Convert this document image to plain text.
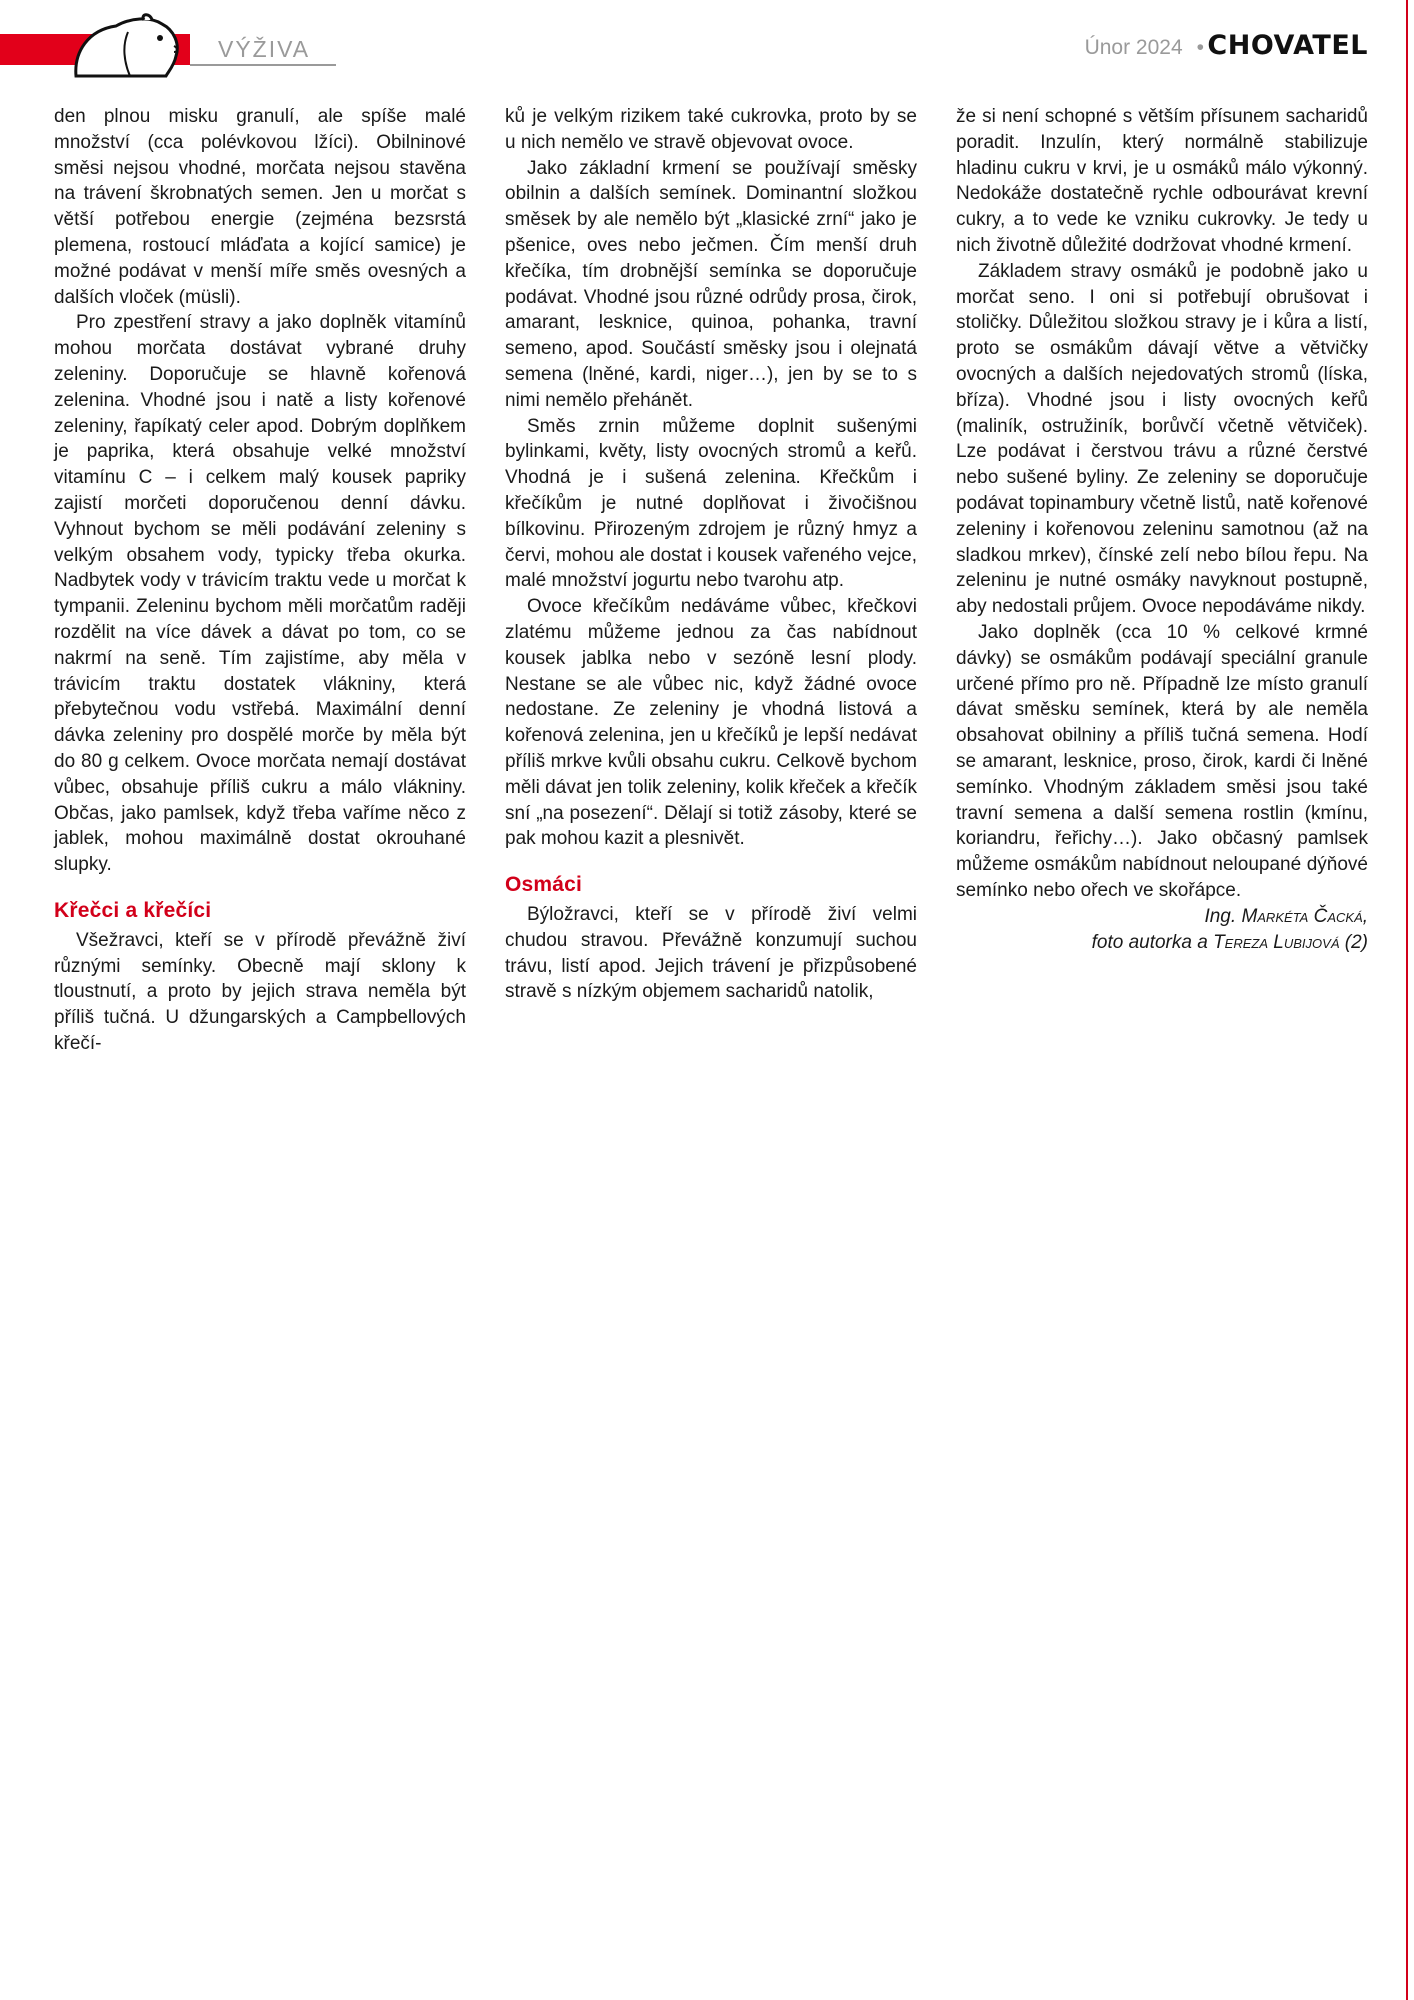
VÝŽIVA	Únor 2024 • CHOVATEL

den plnou misku granulí, ale spíše malé množství (cca polévkovou lžíci). Obilninové směsi nejsou vhodné, morčata nejsou stavěna na trávení škrobnatých semen. Jen u morčat s větší potřebou energie (zejména bezsrstá plemena, rostoucí mláďata a kojící samice) je možné podávat v menší míře směs ovesných a dalších vloček (müsli).

Pro zpestření stravy a jako doplněk vitamínů mohou morčata dostávat vybrané druhy zeleniny. Doporučuje se hlavně kořenová zelenina. Vhodné jsou i natě a listy kořenové zeleniny, řapíkatý celer apod. Dobrým doplňkem je paprika, která obsahuje velké množství vitamínu C – i celkem malý kousek papriky zajistí morčeti doporučenou denní dávku. Vyhnout bychom se měli podávání zeleniny s velkým obsahem vody, typicky třeba okurka. Nadbytek vody v trávicím traktu vede u morčat k tympanii. Zeleninu bychom měli morčatům raději rozdělit na více dávek a dávat po tom, co se nakrmí na seně. Tím zajistíme, aby měla v trávicím traktu dostatek vlákniny, která přebytečnou vodu vstřebá. Maximální denní dávka zeleniny pro dospělé morče by měla být do 80 g celkem. Ovoce morčata nemají dostávat vůbec, obsahuje příliš cukru a málo vlákniny. Občas, jako pamlsek, když třeba vaříme něco z jablek, mohou maximálně dostat okrouhané slupky.

Křečci a křečíci

Všežravci, kteří se v přírodě převážně živí různými semínky. Obecně mají sklony k tloustnutí, a proto by jejich strava neměla být příliš tučná. U džungarských a Campbellových křečí-

ků je velkým rizikem také cukrovka, proto by se u nich nemělo ve stravě objevovat ovoce.

Jako základní krmení se používají směsky obilnin a dalších semínek. Dominantní složkou směsek by ale nemělo být „klasické zrní“ jako je pšenice, oves nebo ječmen. Čím menší druh křečíka, tím drobnější semínka se doporučuje podávat. Vhodné jsou různé odrůdy prosa, čirok, amarant, lesknice, quinoa, pohanka, travní semeno, apod. Součástí směsky jsou i olejnatá semena (lněné, kardi, niger…), jen by se to s nimi nemělo přehánět.

Směs zrnin můžeme doplnit sušenými bylinkami, květy, listy ovocných stromů a keřů. Vhodná je i sušená zelenina. Křečkům i křečíkům je nutné doplňovat i živočišnou bílkovinu. Přirozeným zdrojem je různý hmyz a červi, mohou ale dostat i kousek vařeného vejce, malé množství jogurtu nebo tvarohu atp.

Ovoce křečíkům nedáváme vůbec, křečkovi zlatému můžeme jednou za čas nabídnout kousek jablka nebo v sezóně lesní plody. Nestane se ale vůbec nic, když žádné ovoce nedostane. Ze zeleniny je vhodná listová a kořenová zelenina, jen u křečíků je lepší nedávat příliš mrkve kvůli obsahu cukru. Celkově bychom měli dávat jen tolik zeleniny, kolik křeček a křečík sní „na posezení“. Dělají si totiž zásoby, které se pak mohou kazit a plesnivět.

Osmáci

Býložravci, kteří se v přírodě živí velmi chudou stravou. Převážně konzumují suchou trávu, listí apod. Jejich trávení je přizpůsobené stravě s nízkým objemem sacharidů natolik,

že si není schopné s větším přísunem sacharidů poradit. Inzulín, který normálně stabilizuje hladinu cukru v krvi, je u osmáků málo výkonný. Nedokáže dostatečně rychle odbourávat krevní cukry, a to vede ke vzniku cukrovky. Je tedy u nich životně důležité dodržovat vhodné krmení.

Základem stravy osmáků je podobně jako u morčat seno. I oni si potřebují obrušovat i stoličky. Důležitou složkou stravy je i kůra a listí, proto se osmákům dávají větve a větvičky ovocných a dalších nejedovatých stromů (líska, bříza). Vhodné jsou i listy ovocných keřů (maliník, ostružiník, borůvčí včetně větviček). Lze podávat i čerstvou trávu a různé čerstvé nebo sušené byliny. Ze zeleniny se doporučuje podávat topinambury včetně listů, natě kořenové zeleniny i kořenovou zeleninu samotnou (až na sladkou mrkev), čínské zelí nebo bílou řepu. Na zeleninu je nutné osmáky navyknout postupně, aby nedostali průjem. Ovoce nepodáváme nikdy.

Jako doplněk (cca 10 % celkové krmné dávky) se osmákům podávají speciální granule určené přímo pro ně. Případně lze místo granulí dávat směsku semínek, která by ale neměla obsahovat obilniny a příliš tučná semena. Hodí se amarant, lesknice, proso, čirok, kardi či lněné semínko. Vhodným základem směsi jsou také travní semena a další semena rostlin (kmínu, koriandru, řeřichy…). Jako občasný pamlsek můžeme osmákům nabídnout neloupané dýňové semínko nebo ořech ve skořápce.

Ing. Markéta Čacká,

foto autorka a Tereza Lubijová (2)
